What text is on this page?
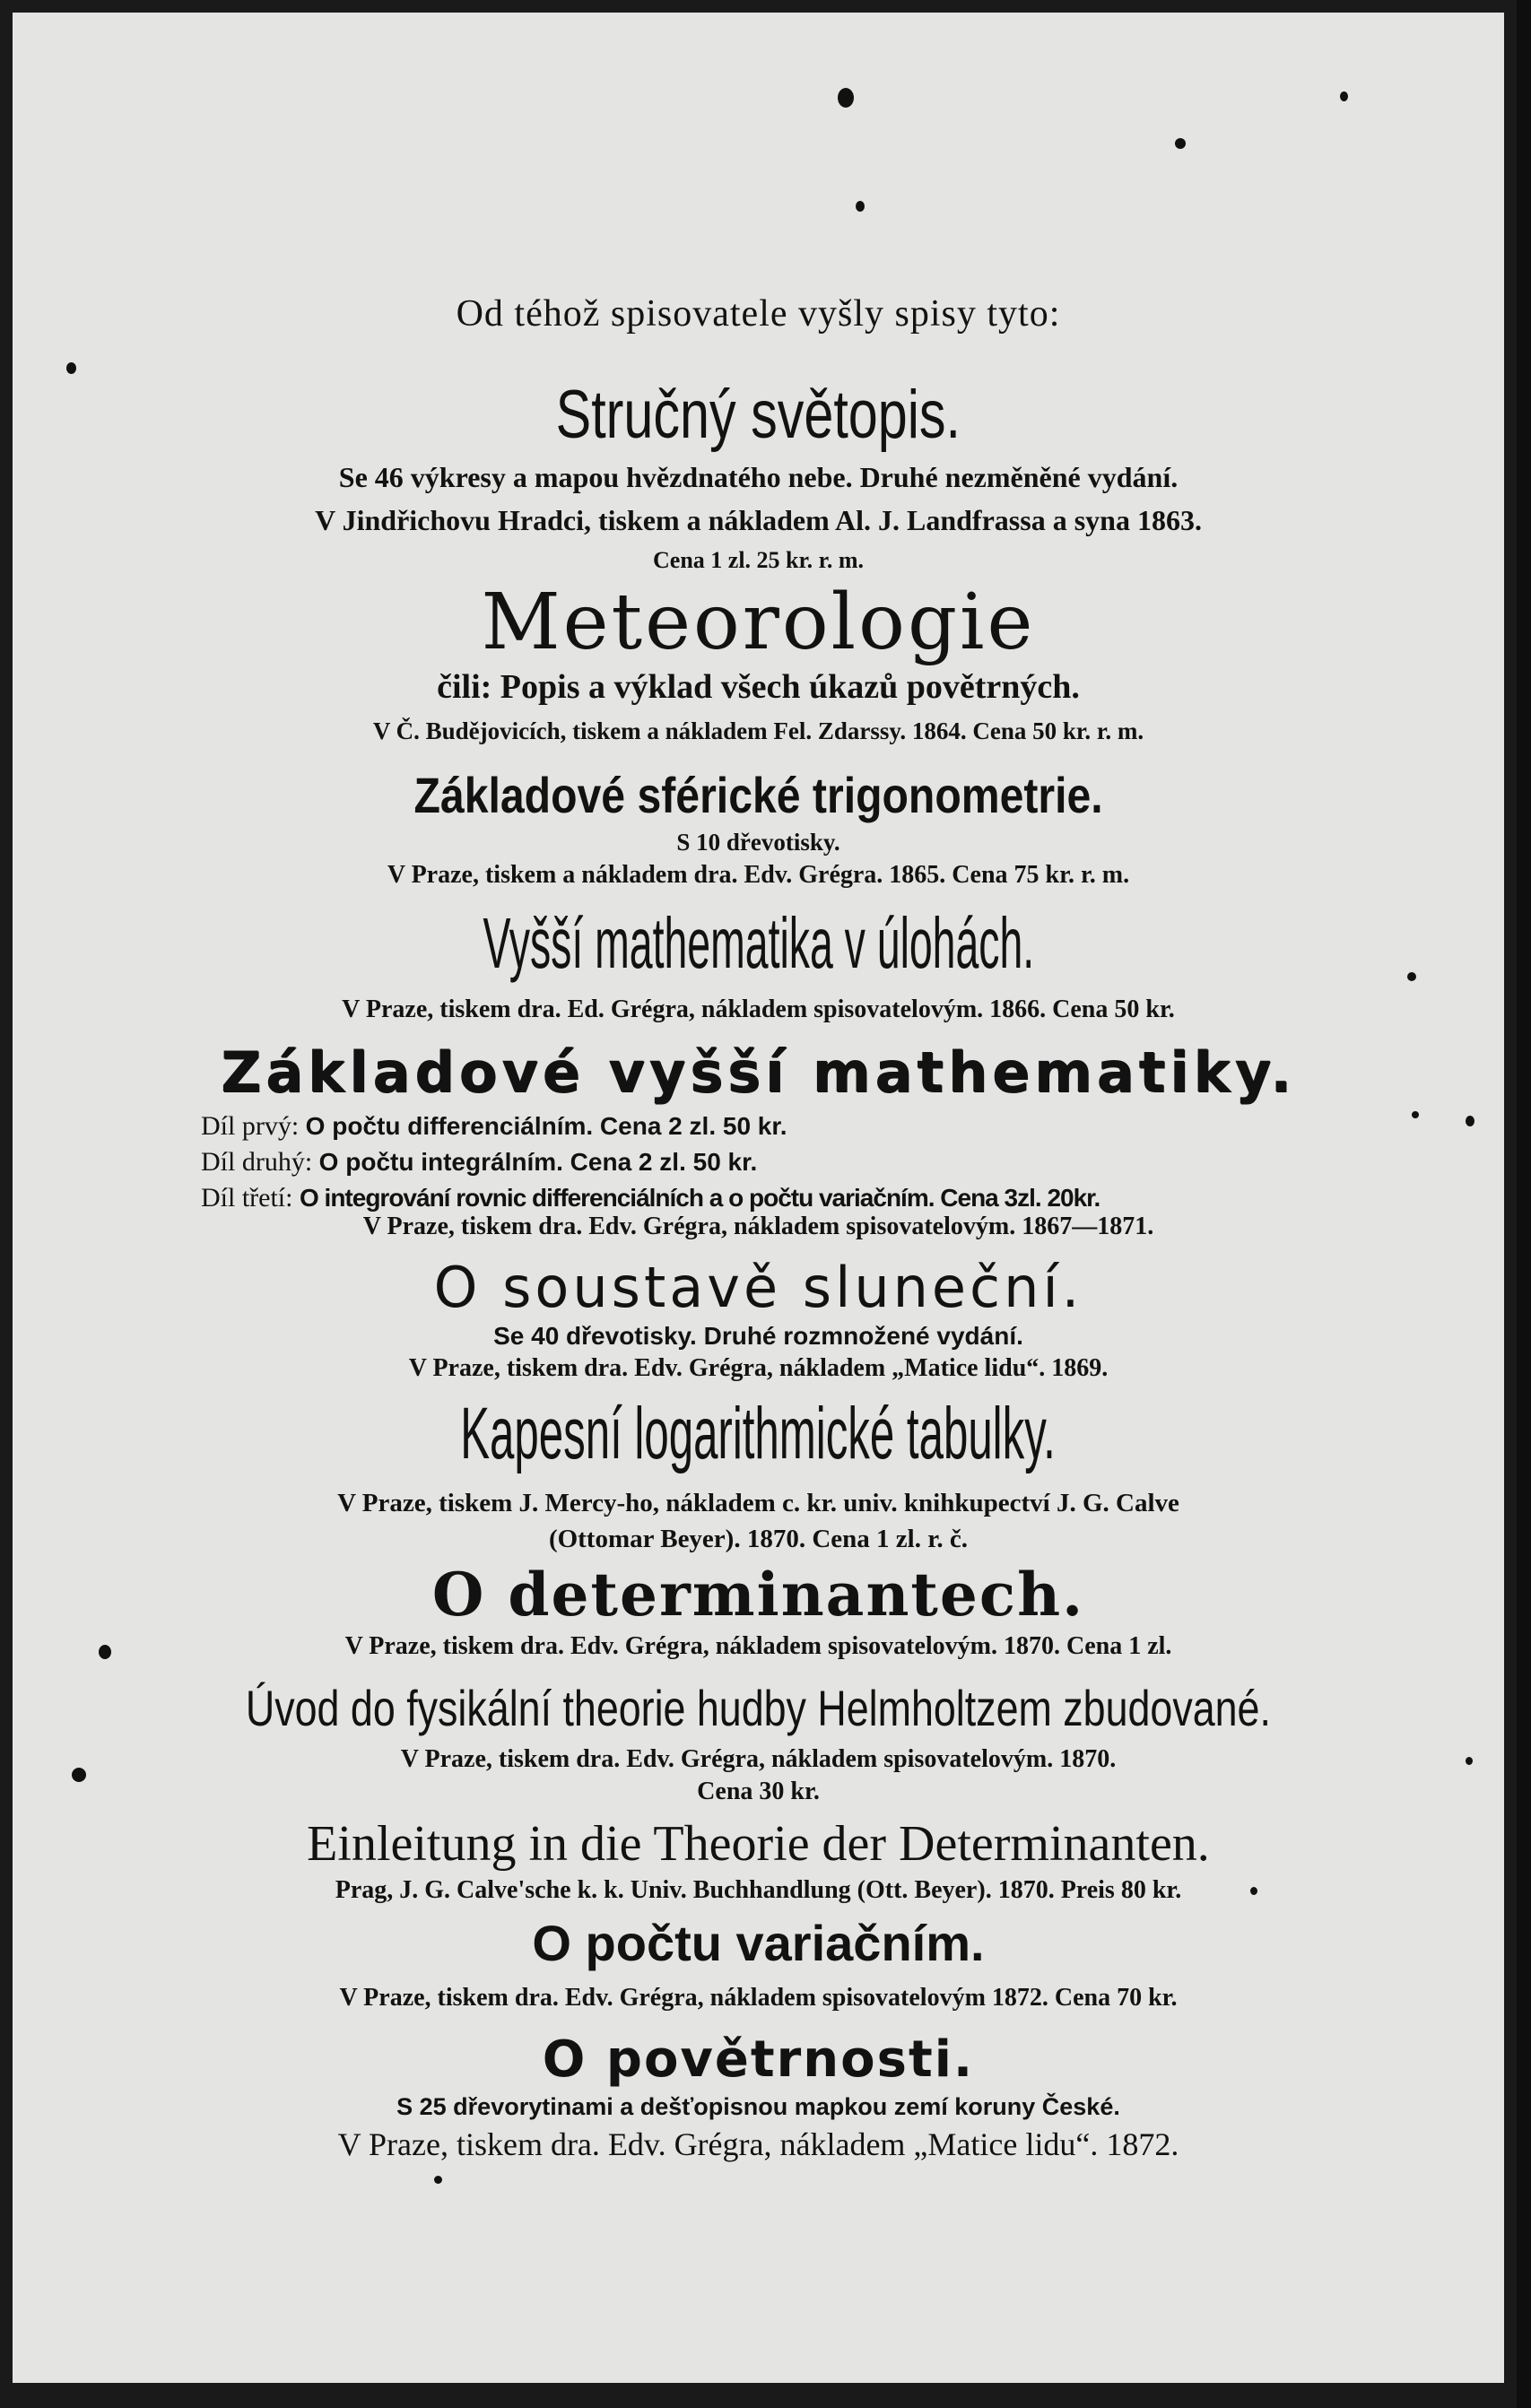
Od téhož spisovatele vyšly spisy tyto:
Stručný světopis.
Se 46 výkresy a mapou hvězdnatého nebe. Druhé nezměněné vydání.
V Jindřichovu Hradci, tiskem a nákladem Al. J. Landfrassa a syna 1863.
Cena 1 zl. 25 kr. r. m.
Meteorologie
čili: Popis a výklad všech úkazů povětrných.
V Č. Budějovicích, tiskem a nákladem Fel. Zdarssy. 1864. Cena 50 kr. r. m.
Základové sférické trigonometrie.
S 10 dřevotisky.
V Praze, tiskem a nákladem dra. Edv. Grégra. 1865. Cena 75 kr. r. m.
Vyšší mathematika v úlohách.
V Praze, tiskem dra. Ed. Grégra, nákladem spisovatelovým. 1866. Cena 50 kr.
Základové vyšší mathematiky.
Díl prvý: O počtu differenciálním. Cena 2 zl. 50 kr.
Díl druhý: O počtu integrálním. Cena 2 zl. 50 kr.
Díl třetí: O integrování rovnic differenciálních a o počtu variačním. Cena 3zl. 20kr.
V Praze, tiskem dra. Edv. Grégra, nákladem spisovatelovým. 1867—1871.
O soustavě sluneční.
Se 40 dřevotisky. Druhé rozmnožené vydání.
V Praze, tiskem dra. Edv. Grégra, nákladem „Matice lidu“. 1869.
Kapesní logarithmické tabulky.
V Praze, tiskem J. Mercy-ho, nákladem c. kr. univ. knihkupectví J. G. Calve
(Ottomar Beyer). 1870. Cena 1 zl. r. č.
O determinantech.
V Praze, tiskem dra. Edv. Grégra, nákladem spisovatelovým. 1870. Cena 1 zl.
Úvod do fysikální theorie hudby Helmholtzem zbudované.
V Praze, tiskem dra. Edv. Grégra, nákladem spisovatelovým. 1870.
Cena 30 kr.
Einleitung in die Theorie der Determinanten.
Prag, J. G. Calve'sche k. k. Univ. Buchhandlung (Ott. Beyer). 1870. Preis 80 kr.
O počtu variačním.
V Praze, tiskem dra. Edv. Grégra, nákladem spisovatelovým 1872. Cena 70 kr.
O povětrnosti.
S 25 dřevorytinami a dešťopisnou mapkou zemí koruny České.
V Praze, tiskem dra. Edv. Grégra, nákladem „Matice lidu“. 1872.
